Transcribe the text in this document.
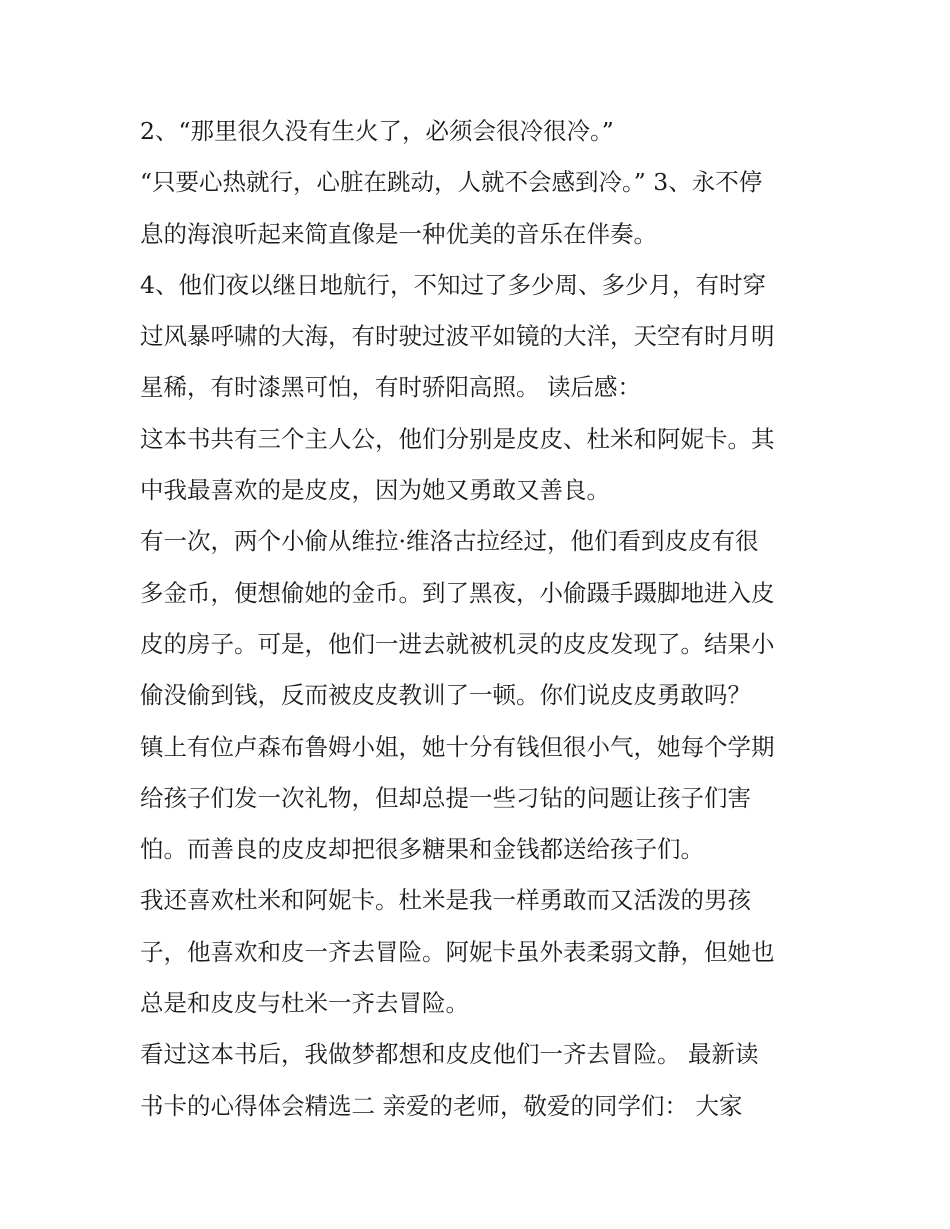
2、“那里很久没有生火了，必须会很冷很冷。”
“只要心热就行，心脏在跳动，人就不会感到冷。” 3、永不停
息的海浪听起来简直像是一种优美的音乐在伴奏。
4、他们夜以继日地航行，不知过了多少周、多少月，有时穿
过风暴呼啸的大海，有时驶过波平如镜的大洋，天空有时月明
星稀，有时漆黑可怕，有时骄阳高照。 读后感：
这本书共有三个主人公，他们分别是皮皮、杜米和阿妮卡。其
中我最喜欢的是皮皮，因为她又勇敢又善良。
有一次，两个小偷从维拉·维洛古拉经过，他们看到皮皮有很
多金币，便想偷她的金币。到了黑夜，小偷蹑手蹑脚地进入皮
皮的房子。可是，他们一进去就被机灵的皮皮发现了。结果小
偷没偷到钱，反而被皮皮教训了一顿。你们说皮皮勇敢吗？
镇上有位卢森布鲁姆小姐，她十分有钱但很小气，她每个学期
给孩子们发一次礼物，但却总提一些刁钻的问题让孩子们害
怕。而善良的皮皮却把很多糖果和金钱都送给孩子们。
我还喜欢杜米和阿妮卡。杜米是我一样勇敢而又活泼的男孩
子，他喜欢和皮一齐去冒险。阿妮卡虽外表柔弱文静，但她也
总是和皮皮与杜米一齐去冒险。
看过这本书后，我做梦都想和皮皮他们一齐去冒险。 最新读
书卡的心得体会精选二 亲爱的老师，敬爱的同学们： 大家
